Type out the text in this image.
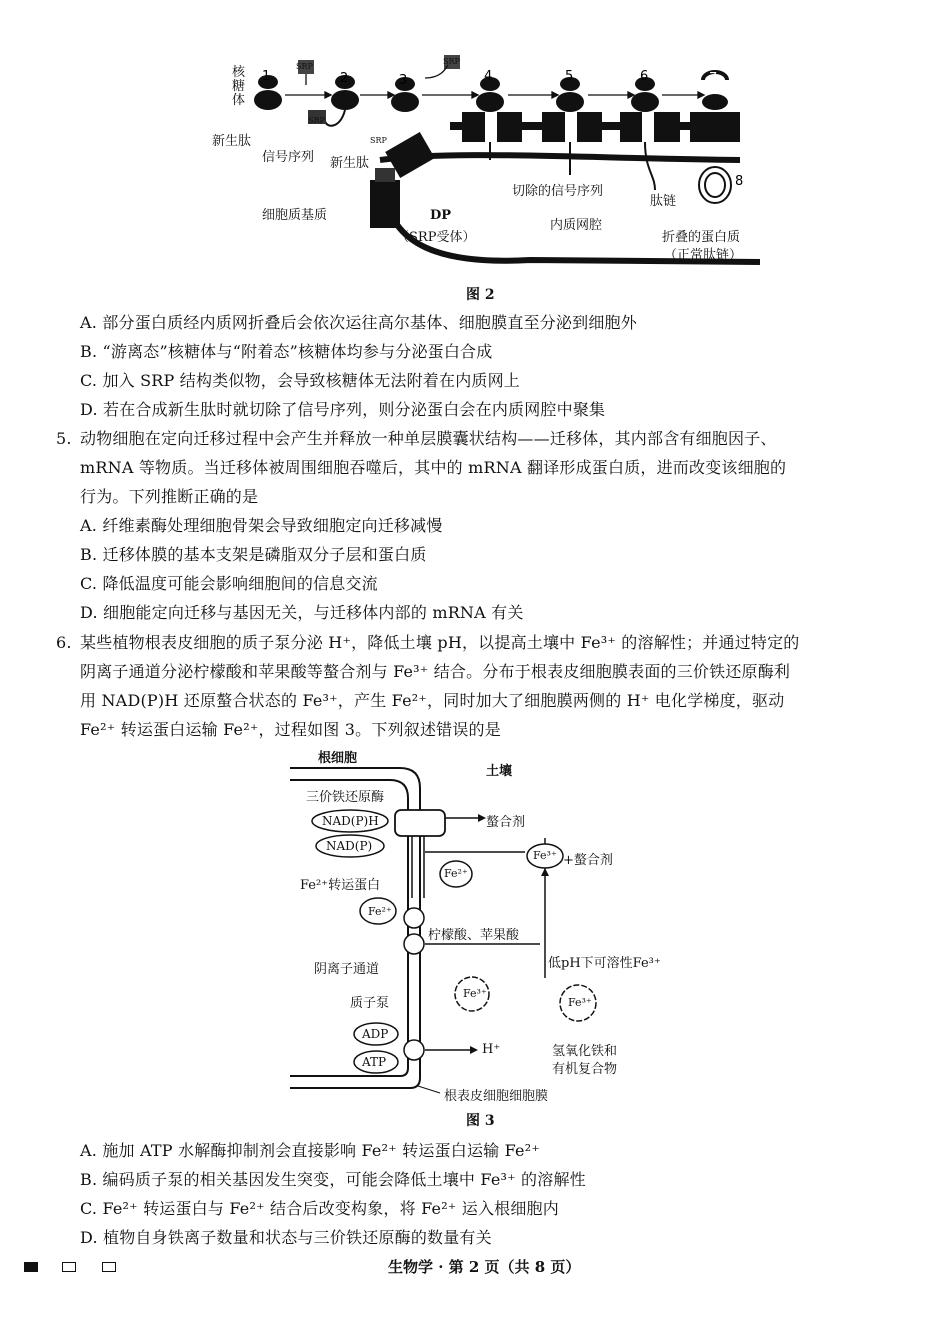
1	2	3	4	5	6	7
8
核
糖
体
新生肽
信号序列 新生肽
细胞质基质	DP
（SRP受体）
切除的信号序列
内质网腔
肽链
折叠的蛋白质
（正常肽链）
SRP
SRP
SRP
SRP
图 2
A. 部分蛋白质经内质网折叠后会依次运往高尔基体、细胞膜直至分泌到细胞外
B. “游离态”核糖体与“附着态”核糖体均参与分泌蛋白合成
C. 加入 SRP 结构类似物，会导致核糖体无法附着在内质网上
D. 若在合成新生肽时就切除了信号序列，则分泌蛋白会在内质网腔中聚集
5. 动物细胞在定向迁移过程中会产生并释放一种单层膜囊状结构——迁移体，其内部含有细胞因子、
mRNA 等物质。当迁移体被周围细胞吞噬后，其中的 mRNA 翻译形成蛋白质，进而改变该细胞的
行为。下列推断正确的是
A. 纤维素酶处理细胞骨架会导致细胞定向迁移减慢
B. 迁移体膜的基本支架是磷脂双分子层和蛋白质
C. 降低温度可能会影响细胞间的信息交流
D. 细胞能定向迁移与基因无关，与迁移体内部的 mRNA 有关
6. 某些植物根表皮细胞的质子泵分泌 H⁺，降低土壤 pH，以提高土壤中 Fe³⁺ 的溶解性；并通过特定的
阴离子通道分泌柠檬酸和苹果酸等螯合剂与 Fe³⁺ 结合。分布于根表皮细胞膜表面的三价铁还原酶利
用 NAD(P)H 还原螯合状态的 Fe³⁺，产生 Fe²⁺，同时加大了细胞膜两侧的 H⁺ 电化学梯度，驱动
Fe²⁺ 转运蛋白运输 Fe²⁺，过程如图 3。下列叙述错误的是
根细胞
土壤
三价铁还原酶
NAD(P)H
NAD(P)
螯合剂
Fe³⁺ +螯合剂
Fe²⁺转运蛋白
Fe²⁺
Fe²⁺
柠檬酸、苹果酸
阴离子通道	低pH下可溶性Fe³⁺
Fe³⁺
Fe³⁺
质子泵
ADP
ATP
H⁺	氢氧化铁和
有机复合物
根表皮细胞细胞膜
图 3
A. 施加 ATP 水解酶抑制剂会直接影响 Fe²⁺ 转运蛋白运输 Fe²⁺
B. 编码质子泵的相关基因发生突变，可能会降低土壤中 Fe³⁺ 的溶解性
C. Fe²⁺ 转运蛋白与 Fe²⁺ 结合后改变构象，将 Fe²⁺ 运入根细胞内
D. 植物自身铁离子数量和状态与三价铁还原酶的数量有关
生物学 · 第 2 页（共 8 页）
